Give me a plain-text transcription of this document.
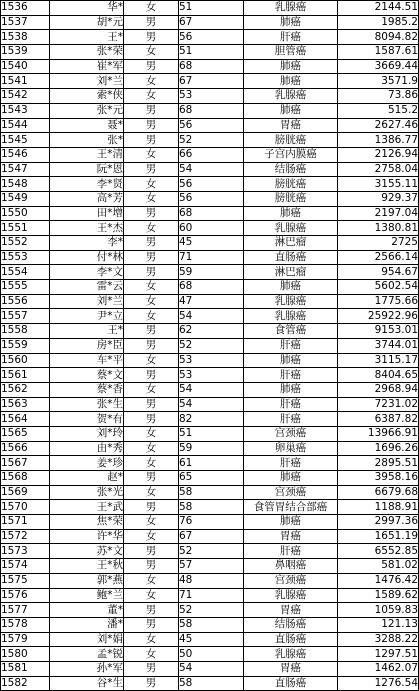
1536	华*	女	51	乳腺癌	2144.51
1537	胡*元	男	67	肺癌	1985.2
1538	王*	男	56	肝癌	8094.82
1539	张*荣	女	51	胆管癌	1587.61
1540	崔*军	男	68	肺癌	3669.44
1541	刘*兰	女	67	肺癌	3571.9
1542	索*侠	女	53	乳腺癌	73.86
1543	张*元	男	68	肺癌	515.2
1544	聂*	男	56	胃癌	2627.46
1545	张*	男	52	膀胱癌	1386.77
1546	王*清	女	66	子宫内膜癌	2126.94
1547	阮*恩	男	54	结肠癌	2758.04
1548	李*贤	女	56	膀胱癌	3155.11
1549	高*芳	女	56	膀胱癌	929.37
1550	田*增	男	68	肺癌	2197.04
1551	王*杰	女	60	乳腺癌	1380.81
1552	李*	男	45	淋巴瘤	2725
1553	付*林	男	71	直肠癌	2566.14
1554	李*文	男	59	淋巴瘤	954.67
1555	雷*云	女	68	肺癌	5602.54
1556	刘*兰	女	47	乳腺癌	1775.66
1557	尹*立	女	54	乳腺癌	25922.96
1558	王*	男	62	食管癌	9153.01
1559	房*臣	男	52	肝癌	3744.01
1560	车*平	女	53	肺癌	3115.17
1561	蔡*文	男	53	肝癌	8404.65
1562	蔡*香	女	54	肺癌	2968.94
1563	张*生	男	54	肝癌	7231.02
1564	贺*有	男	82	肝癌	6387.82
1565	刘*玲	女	51	宫颈癌	13966.91
1566	由*秀	女	59	卵巢癌	1696.26
1567	姜*珍	女	61	肝癌	2895.51
1568	赵*	男	65	肺癌	3958.16
1569	张*光	女	58	宫颈癌	6679.68
1570	王*武	男	58	食管胃结合部癌	1188.91
1571	焦*荣	女	76	肺癌	2997.36
1572	许*华	女	67	胃癌	1651.19
1573	苏*文	男	52	肝癌	6552.85
1574	王*秋	男	57	鼻咽癌	581.02
1575	郭*燕	女	48	宫颈癌	1476.42
1576	鲍*兰	女	71	乳腺癌	1589.62
1577	董*	男	52	胃癌	1059.83
1578	潘*	男	58	结肠癌	121.13
1579	刘*娟	女	45	直肠癌	3288.22
1580	孟*锐	女	50	乳腺癌	1297.51
1581	孙*军	男	54	胃癌	1462.07
1582	谷*生	男	58	直肠癌	1276.54
